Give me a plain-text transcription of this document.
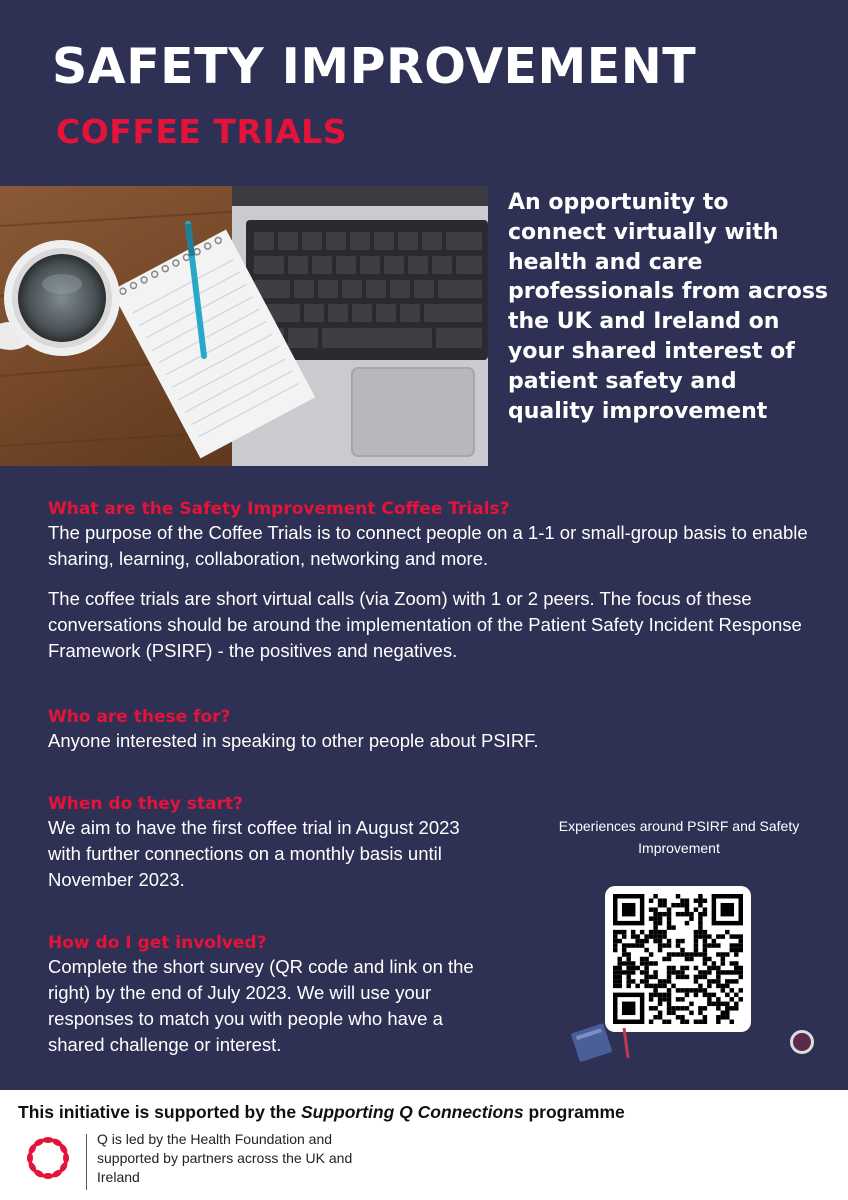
SAFETY IMPROVEMENT
COFFEE TRIALS
An opportunity to connect virtually with health and care professionals from across the UK and Ireland on your shared interest of patient safety and quality improvement
What are the Safety Improvement Coffee Trials?

The purpose of the Coffee Trials is to connect people on a 1-1 or small-group basis to enable sharing, learning, collaboration, networking and more.

The coffee trials are short virtual calls (via Zoom) with 1 or 2 peers. The focus of these conversations should be around the implementation of the Patient Safety Incident Response Framework (PSIRF) - the positives and negatives.

Who are these for?

Anyone interested in speaking to other people about PSIRF.

When do they start?

We aim to have the first coffee trial in August 2023 with further connections on a monthly basis until November 2023.

How do I get involved?

Complete the short survey (QR code and link on the right) by the end of July 2023. We will use your responses to match you with people who have a shared challenge or interest.

Experiences around PSIRF and Safety Improvement
This initiative is supported by the Supporting Q Connections programme
Q is led by the Health Foundation and supported by partners across the UK and Ireland
